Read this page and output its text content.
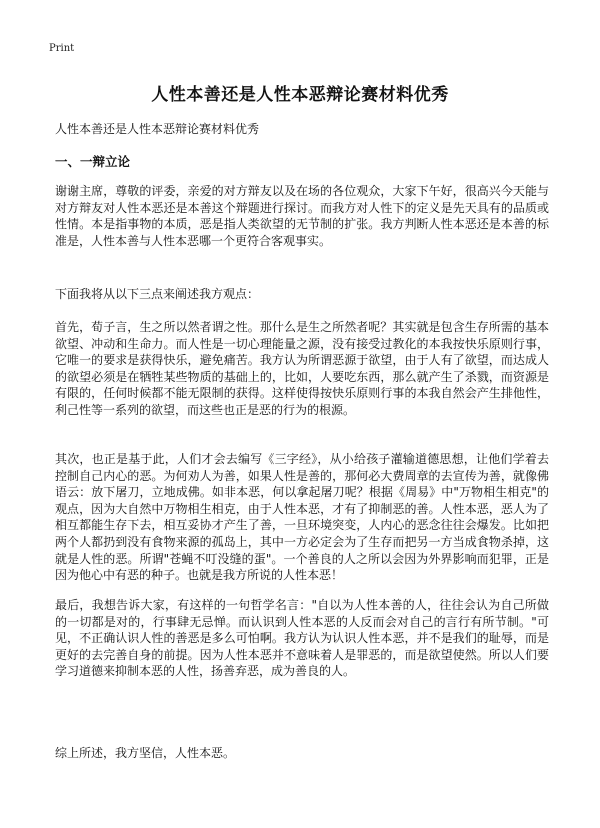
Print
人性本善还是人性本恶辩论赛材料优秀

人性本善还是人性本恶辩论赛材料优秀

一、一辩立论

谢谢主席，尊敬的评委，亲爱的对方辩友以及在场的各位观众，大家下午好，很高兴今天能与对方辩友对人性本恶还是本善这个辩题进行探讨。而我方对人性下的定义是先天具有的品质或性情。本是指事物的本质，恶是指人类欲望的无节制的扩张。我方判断人性本恶还是本善的标准是，人性本善与人性本恶哪一个更符合客观事实。

下面我将从以下三点来阐述我方观点：

首先，荀子言，生之所以然者谓之性。那什么是生之所然者呢？其实就是包含生存所需的基本欲望、冲动和生命力。而人性是一切心理能量之源，没有接受过教化的本我按快乐原则行事，它唯一的要求是获得快乐，避免痛苦。我方认为所谓恶源于欲望，由于人有了欲望，而达成人的欲望必须是在牺牲某些物质的基础上的，比如，人要吃东西，那么就产生了杀戮，而资源是有限的，任何时候都不能无限制的获得。这样使得按快乐原则行事的本我自然会产生排他性，利己性等一系列的欲望，而这些也正是恶的行为的根源。

其次，也正是基于此，人们才会去编写《三字经》，从小给孩子灌输道德思想，让他们学着去控制自己内心的恶。为何劝人为善，如果人性是善的，那何必大费周章的去宣传为善，就像佛语云：放下屠刀，立地成佛。如非本恶，何以拿起屠刀呢？根据《周易》中"万物相生相克"的观点，因为大自然中万物相生相克，由于人性本恶，才有了抑制恶的善。人性本恶，恶人为了相互都能生存下去，相互妥协才产生了善，一旦环境突变，人内心的恶念往往会爆发。比如把两个人都扔到没有食物来源的孤岛上，其中一方必定会为了生存而把另一方当成食物杀掉，这就是人性的恶。所谓"苍蝇不叮没缝的蛋"。一个善良的人之所以会因为外界影响而犯罪，正是因为他心中有恶的种子。也就是我方所说的人性本恶！

最后，我想告诉大家，有这样的一句哲学名言："自以为人性本善的人，往往会认为自己所做的一切都是对的，行事肆无忌惮。而认识到人性本恶的人反而会对自己的言行有所节制。"可见，不正确认识人性的善恶是多么可怕啊。我方认为认识人性本恶，并不是我们的耻辱，而是更好的去完善自身的前提。因为人性本恶并不意味着人是罪恶的，而是欲望使然。所以人们要学习道德来抑制本恶的人性，扬善弃恶，成为善良的人。

综上所述，我方坚信，人性本恶。
